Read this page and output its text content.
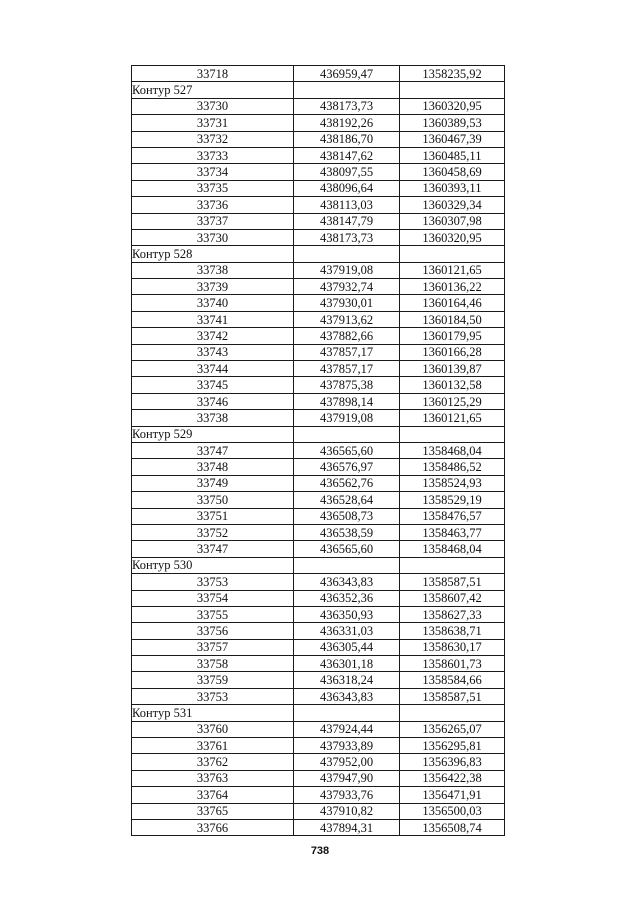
33718	436959,47	1358235,92
Контур 527		
33730	438173,73	1360320,95
33731	438192,26	1360389,53
33732	438186,70	1360467,39
33733	438147,62	1360485,11
33734	438097,55	1360458,69
33735	438096,64	1360393,11
33736	438113,03	1360329,34
33737	438147,79	1360307,98
33730	438173,73	1360320,95
Контур 528		
33738	437919,08	1360121,65
33739	437932,74	1360136,22
33740	437930,01	1360164,46
33741	437913,62	1360184,50
33742	437882,66	1360179,95
33743	437857,17	1360166,28
33744	437857,17	1360139,87
33745	437875,38	1360132,58
33746	437898,14	1360125,29
33738	437919,08	1360121,65
Контур 529		
33747	436565,60	1358468,04
33748	436576,97	1358486,52
33749	436562,76	1358524,93
33750	436528,64	1358529,19
33751	436508,73	1358476,57
33752	436538,59	1358463,77
33747	436565,60	1358468,04
Контур 530		
33753	436343,83	1358587,51
33754	436352,36	1358607,42
33755	436350,93	1358627,33
33756	436331,03	1358638,71
33757	436305,44	1358630,17
33758	436301,18	1358601,73
33759	436318,24	1358584,66
33753	436343,83	1358587,51
Контур 531		
33760	437924,44	1356265,07
33761	437933,89	1356295,81
33762	437952,00	1356396,83
33763	437947,90	1356422,38
33764	437933,76	1356471,91
33765	437910,82	1356500,03
33766	437894,31	1356508,74
738
